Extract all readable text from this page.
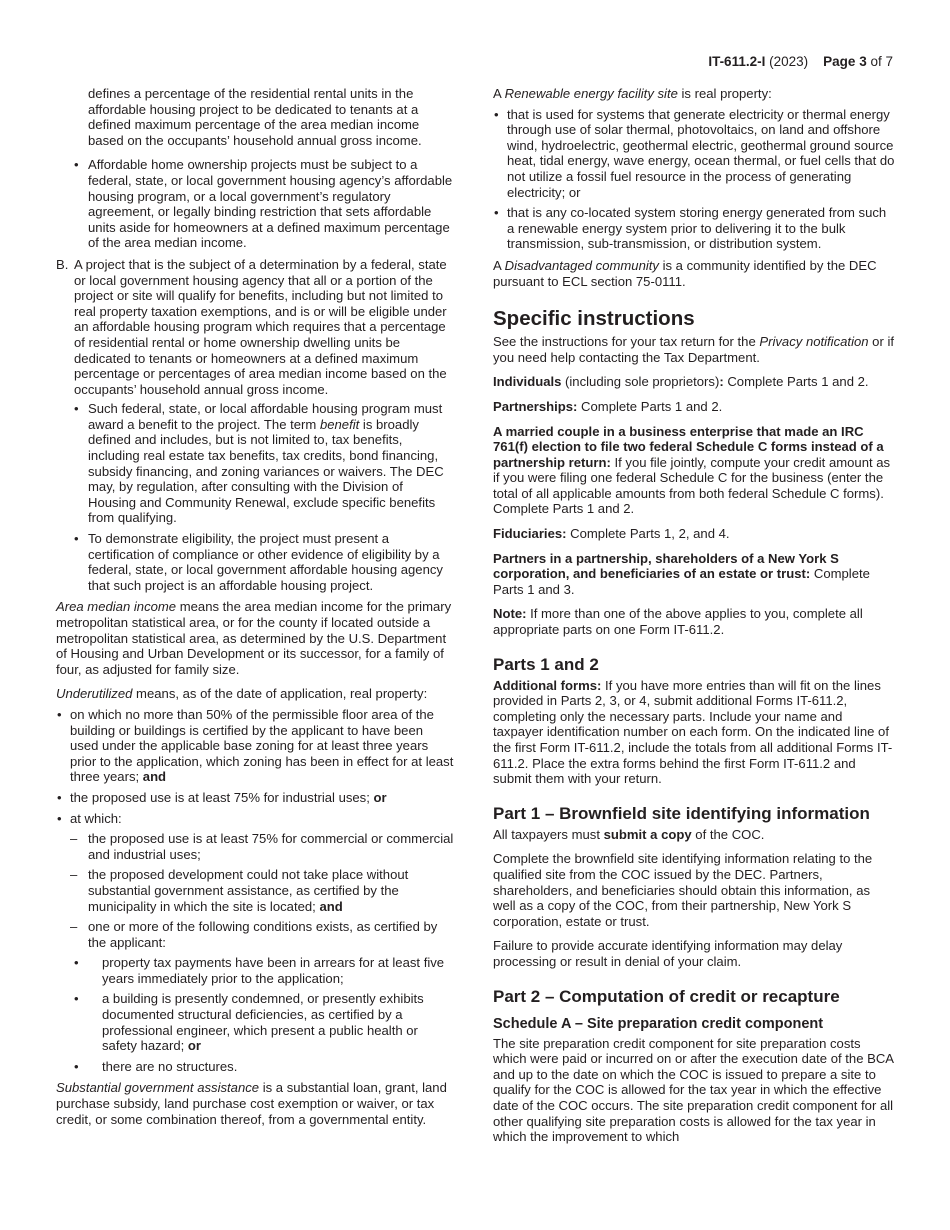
IT-611.2-I (2023) Page 3 of 7

defines a percentage of the residential rental units in the affordable housing project to be dedicated to tenants at a defined maximum percentage of the area median income based on the occupants’ household annual gross income.

• Affordable home ownership projects must be subject to a federal, state, or local government housing agency’s affordable housing program, or a local government’s regulatory agreement, or legally binding restriction that sets affordable units aside for homeowners at a defined maximum percentage of the area median income.
B. A project that is the subject of a determination by a federal, state or local government housing agency that all or a portion of the project or site will qualify for benefits, including but not limited to real property taxation exemptions, and is or will be eligible under an affordable housing program which requires that a percentage of residential rental or home ownership dwelling units be dedicated to tenants or homeowners at a defined maximum percentage or percentages of area median income based on the occupants’ household annual gross income.
• Such federal, state, or local affordable housing program must award a benefit to the project. The term benefit is broadly defined and includes, but is not limited to, tax benefits, including real estate tax benefits, tax credits, bond financing, subsidy financing, and zoning variances or waivers. The DEC may, by regulation, after consulting with the Division of Housing and Community Renewal, exclude specific benefits from qualifying.
• To demonstrate eligibility, the project must present a certification of compliance or other evidence of eligibility by a federal, state, or local government affordable housing agency that such project is an affordable housing project.

Area median income means the area median income for the primary metropolitan statistical area, or for the county if located outside a metropolitan statistical area, as determined by the U.S. Department of Housing and Urban Development or its successor, for a family of four, as adjusted for family size.

Underutilized means, as of the date of application, real property:

• on which no more than 50% of the permissible floor area of the building or buildings is certified by the applicant to have been used under the applicable base zoning for at least three years prior to the application, which zoning has been in effect for at least three years; and
• the proposed use is at least 75% for industrial uses; or
• at which:
– the proposed use is at least 75% for commercial or commercial and industrial uses;
– the proposed development could not take place without substantial government assistance, as certified by the municipality in which the site is located; and
– one or more of the following conditions exists, as certified by the applicant:
• property tax payments have been in arrears for at least five years immediately prior to the application;
• a building is presently condemned, or presently exhibits documented structural deficiencies, as certified by a professional engineer, which present a public health or safety hazard; or
• there are no structures.

Substantial government assistance is a substantial loan, grant, land purchase subsidy, land purchase cost exemption or waiver, or tax credit, or some combination thereof, from a governmental entity.

A Renewable energy facility site is real property:

• that is used for systems that generate electricity or thermal energy through use of solar thermal, photovoltaics, on land and offshore wind, hydroelectric, geothermal electric, geothermal ground source heat, tidal energy, wave energy, ocean thermal, or fuel cells that do not utilize a fossil fuel resource in the process of generating electricity; or
• that is any co-located system storing energy generated from such a renewable energy system prior to delivering it to the bulk transmission, sub-transmission, or distribution system.

A Disadvantaged community is a community identified by the DEC pursuant to ECL section 75-0111.

Specific instructions

See the instructions for your tax return for the Privacy notification or if you need help contacting the Tax Department.

Individuals (including sole proprietors): Complete Parts 1 and 2.

Partnerships: Complete Parts 1 and 2.

A married couple in a business enterprise that made an IRC 761(f) election to file two federal Schedule C forms instead of a partnership return: If you file jointly, compute your credit amount as if you were filing one federal Schedule C for the business (enter the total of all applicable amounts from both federal Schedule C forms). Complete Parts 1 and 2.

Fiduciaries: Complete Parts 1, 2, and 4.

Partners in a partnership, shareholders of a New York S corporation, and beneficiaries of an estate or trust: Complete Parts 1 and 3.

Note: If more than one of the above applies to you, complete all appropriate parts on one Form IT-611.2.

Parts 1 and 2

Additional forms: If you have more entries than will fit on the lines provided in Parts 2, 3, or 4, submit additional Forms IT-611.2, completing only the necessary parts. Include your name and taxpayer identification number on each form. On the indicated line of the first Form IT-611.2, include the totals from all additional Forms IT-611.2. Place the extra forms behind the first Form IT-611.2 and submit them with your return.

Part 1 – Brownfield site identifying information

All taxpayers must submit a copy of the COC.

Complete the brownfield site identifying information relating to the qualified site from the COC issued by the DEC. Partners, shareholders, and beneficiaries should obtain this information, as well as a copy of the COC, from their partnership, New York S corporation, estate or trust.

Failure to provide accurate identifying information may delay processing or result in denial of your claim.

Part 2 – Computation of credit or recapture
Schedule A – Site preparation credit component

The site preparation credit component for site preparation costs which were paid or incurred on or after the execution date of the BCA and up to the date on which the COC is issued to prepare a site to qualify for the COC is allowed for the tax year in which the effective date of the COC occurs. The site preparation credit component for all other qualifying site preparation costs is allowed for the tax year in which the improvement to which
